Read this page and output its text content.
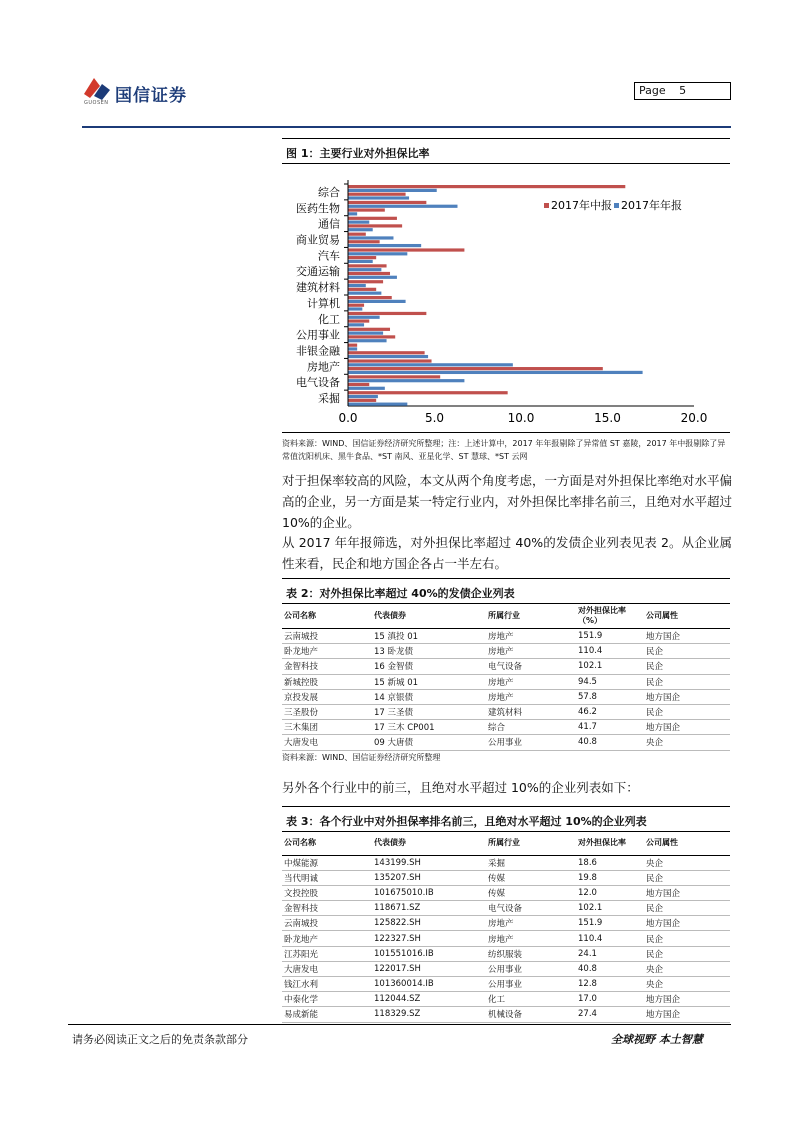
国信证券
GUOSEN
Page 5
图 1：主要行业对外担保比率
0.0	5.0	10.0	15.0	20.0
综合
医药生物
通信
商业贸易
汽车
交通运输
建筑材料
计算机
化工
公用事业
非银金融
房地产
电气设备
采掘
2017年中报 2017年年报
资料来源：WIND、国信证券经济研究所整理；注：上述计算中，2017 年年报剔除了异常值 ST 嘉陵，2017 年中报剔除了异常值沈阳机床、黑牛食品、*ST 南风、亚星化学、ST 慧球、*ST 云网
对于担保率较高的风险，本文从两个角度考虑，一方面是对外担保比率绝对水平偏高的企业，另一方面是某一特定行业内，对外担保比率排名前三，且绝对水平超过 10%的企业。
从 2017 年年报筛选，对外担保比率超过 40%的发债企业列表见表 2。从企业属性来看，民企和地方国企各占一半左右。
表 2：对外担保比率超过 40%的发债企业列表
公司名称	代表债券	所属行业	对外担保比率（%）	公司属性
云南城投	15 滇投 01	房地产	151.9	地方国企
卧龙地产	13 卧龙债	房地产	110.4	民企
金智科技	16 金智债	电气设备	102.1	民企
新城控股	15 新城 01	房地产	94.5	民企
京投发展	14 京银债	房地产	57.8	地方国企
三圣股份	17 三圣债	建筑材料	46.2	民企
三木集团	17 三木 CP001	综合	41.7	地方国企
大唐发电	09 大唐债	公用事业	40.8	央企
资料来源：WIND、国信证券经济研究所整理
另外各个行业中的前三，且绝对水平超过 10%的企业列表如下：
表 3：各个行业中对外担保率排名前三，且绝对水平超过 10%的企业列表
公司名称	代表债券	所属行业	对外担保比率	公司属性
中煤能源	143199.SH	采掘	18.6	央企
当代明诚	135207.SH	传媒	19.8	民企
文投控股	101675010.IB	传媒	12.0	地方国企
金智科技	118671.SZ	电气设备	102.1	民企
云南城投	125822.SH	房地产	151.9	地方国企
卧龙地产	122327.SH	房地产	110.4	民企
江苏阳光	101551016.IB	纺织服装	24.1	民企
大唐发电	122017.SH	公用事业	40.8	央企
钱江水利	101360014.IB	公用事业	12.8	央企
中泰化学	112044.SZ	化工	17.0	地方国企
易成新能	118329.SZ	机械设备	27.4	地方国企
请务必阅读正文之后的免责条款部分	全球视野 本土智慧
